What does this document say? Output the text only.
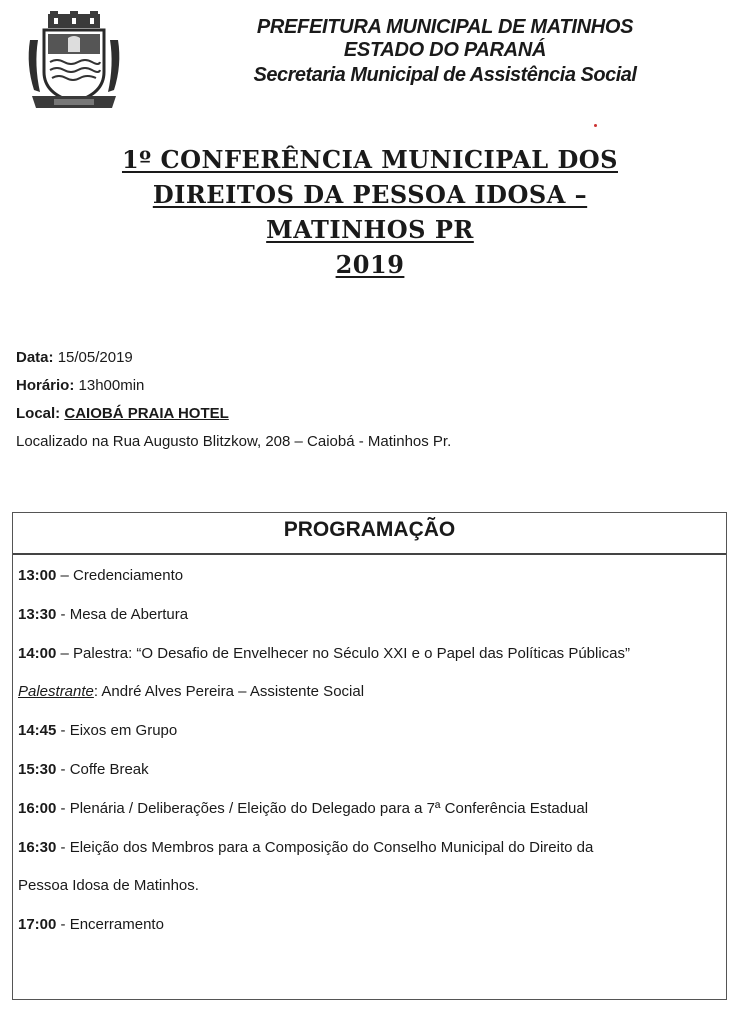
PREFEITURA MUNICIPAL DE MATINHOS
ESTADO DO PARANÁ
Secretaria Municipal de Assistência Social
1º CONFERÊNCIA MUNICIPAL DOS
DIREITOS DA PESSOA IDOSA –
MATINHOS PR
2019
Data: 15/05/2019
Horário: 13h00min
Local: CAIOBÁ PRAIA HOTEL
Localizado na Rua Augusto Blitzkow, 208 – Caiobá - Matinhos Pr.
PROGRAMAÇÃO
13:00 – Credenciamento
13:30 - Mesa de Abertura
14:00 – Palestra: “O Desafio de Envelhecer no Século XXI e o Papel das Políticas Públicas”
Palestrante: André Alves Pereira – Assistente Social
14:45 - Eixos em Grupo
15:30 - Coffe Break
16:00 - Plenária / Deliberações / Eleição do Delegado para a 7ª Conferência Estadual
16:30 - Eleição dos Membros para a Composição do Conselho Municipal do Direito da
Pessoa Idosa de Matinhos.
17:00 - Encerramento
